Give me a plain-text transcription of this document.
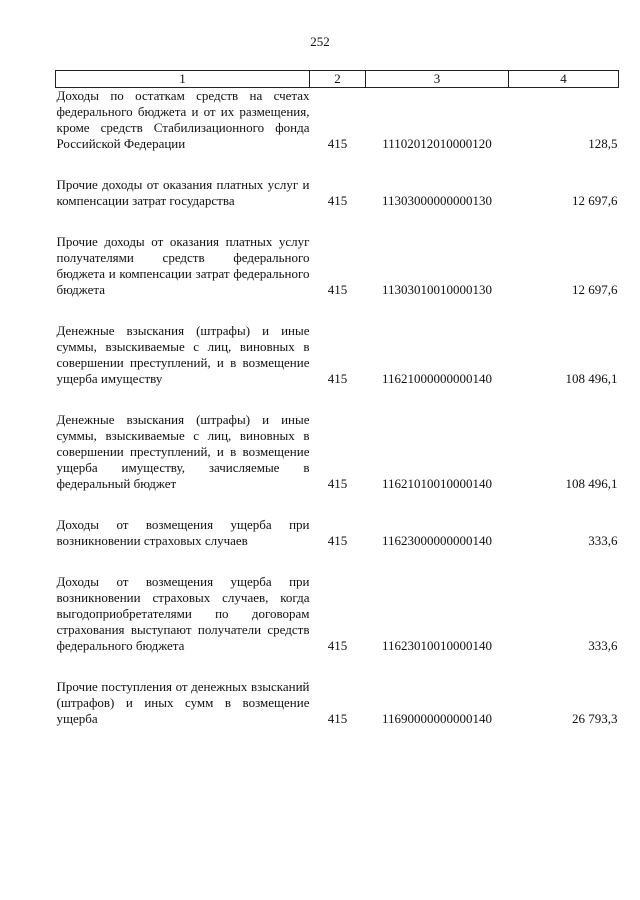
252
1	2	3	4
Доходы по остаткам средств на счетах федерального бюджета и от их размещения, кроме средств Стабилизационного фонда Российской Федерации	415	11102012010000120	128,5

Прочие доходы от оказания платных услуг и компенсации затрат государства	415	11303000000000130	12 697,6

Прочие доходы от оказания платных услуг получателями средств федерального бюджета и компенсации затрат федерального бюджета	415	11303010010000130	12 697,6

Денежные взыскания (штрафы) и иные суммы, взыскиваемые с лиц, виновных в совершении преступлений, и в возмещение ущерба имуществу	415	11621000000000140	108 496,1

Денежные взыскания (штрафы) и иные суммы, взыскиваемые с лиц, виновных в совершении преступлений, и в возмещение ущерба имуществу, зачисляемые в федеральный бюджет	415	11621010010000140	108 496,1

Доходы от возмещения ущерба при возникновении страховых случаев	415	11623000000000140	333,6

Доходы от возмещения ущерба при возникновении страховых случаев, когда выгодоприобретателями по договорам страхования выступают получатели средств федерального бюджета	415	11623010010000140	333,6

Прочие поступления от денежных взысканий (штрафов) и иных сумм в возмещение ущерба	415	11690000000000140	26 793,3
